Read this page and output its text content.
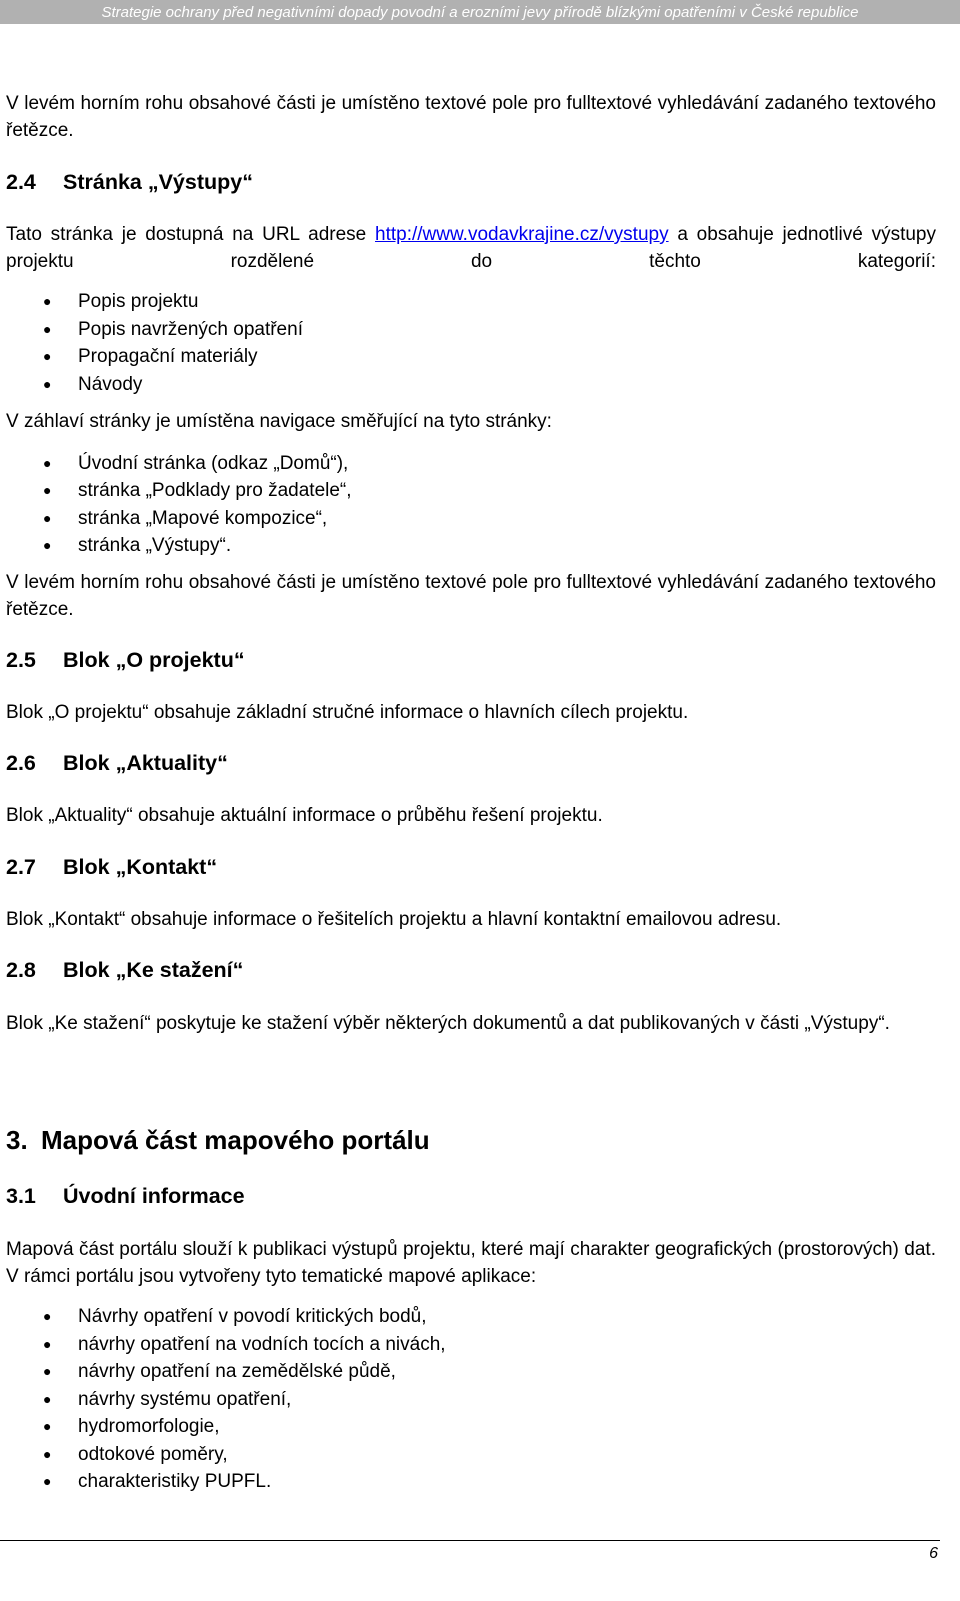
Strategie ochrany před negativními dopady povodní a erozními jevy přírodě blízkými opatřeními v České republice

V levém horním rohu obsahové části je umístěno textové pole pro fulltextové vyhledávání zadaného textového řetězce.

2.4 Stránka „Výstupy“

Tato stránka je dostupná na URL adrese http://www.vodavkrajine.cz/vystupy a obsahuje jednotlivé výstupy projektu rozdělené do těchto kategorií:

● Popis projektu
● Popis navržených opatření
● Propagační materiály
● Návody

V záhlaví stránky je umístěna navigace směřující na tyto stránky:

● Úvodní stránka (odkaz „Domů“),
● stránka „Podklady pro žadatele“,
● stránka „Mapové kompozice“,
● stránka „Výstupy“.

V levém horním rohu obsahové části je umístěno textové pole pro fulltextové vyhledávání zadaného textového řetězce.

2.5 Blok „O projektu“

Blok „O projektu“ obsahuje základní stručné informace o hlavních cílech projektu.

2.6 Blok „Aktuality“

Blok „Aktuality“ obsahuje aktuální informace o průběhu řešení projektu.

2.7 Blok „Kontakt“

Blok „Kontakt“ obsahuje informace o řešitelích projektu a hlavní kontaktní emailovou adresu.

2.8 Blok „Ke stažení“

Blok „Ke stažení“ poskytuje ke stažení výběr některých dokumentů a dat publikovaných v části „Výstupy“.

3. Mapová část mapového portálu
3.1 Úvodní informace

Mapová část portálu slouží k publikaci výstupů projektu, které mají charakter geografických (prostorových) dat. V rámci portálu jsou vytvořeny tyto tematické mapové aplikace:

● Návrhy opatření v povodí kritických bodů,
● návrhy opatření na vodních tocích a nivách,
● návrhy opatření na zemědělské půdě,
● návrhy systému opatření,
● hydromorfologie,
● odtokové poměry,
● charakteristiky PUPFL.
6
